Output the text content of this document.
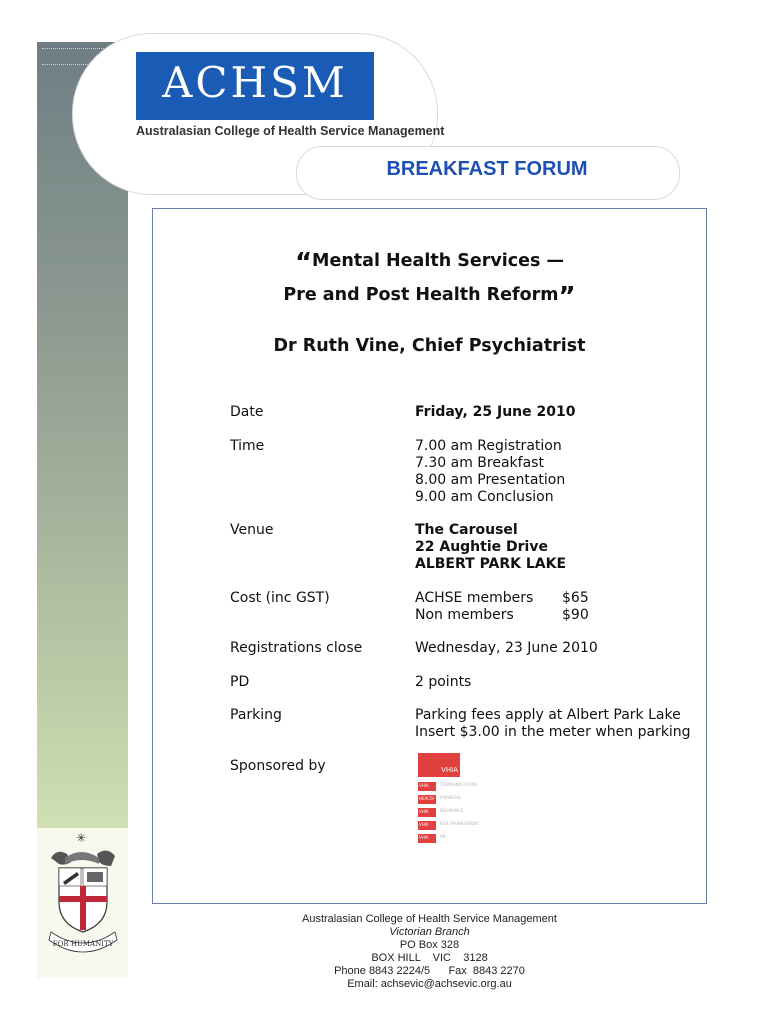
ACHSM
Australasian College of Health Service Management
BREAKFAST FORUM
“Mental Health Services —
Pre and Post Health Reform”
Dr Ruth Vine, Chief Psychiatrist
Date	Friday, 25 June 2010
Time	7.00 am Registration
7.30 am Breakfast
8.00 am Presentation
9.00 am Conclusion
Venue	The Carousel
22 Aughtie Drive
ALBERT PARK LAKE
Cost (inc GST)	ACHSE members $65
Non members	$90
Registrations close	Wednesday, 23 June 2010
PD	2 points
Parking	Parking fees apply at Albert Park Lake
Insert $3.00 in the meter when parking
Sponsored by	VHIA
VHIA	COMMUNICATIONS
HEALTH FINANCIAL
VHIA	INSURANCE
VHIA	RISK MANAGEMENT
VHIA	HR
✳
FOR HUMANITY
Australasian College of Health Service Management
Victorian Branch
PO Box 328
BOX HILL    VIC    3128
Phone 8843 2224/5      Fax  8843 2270
Email: achsevic@achsevic.org.au
